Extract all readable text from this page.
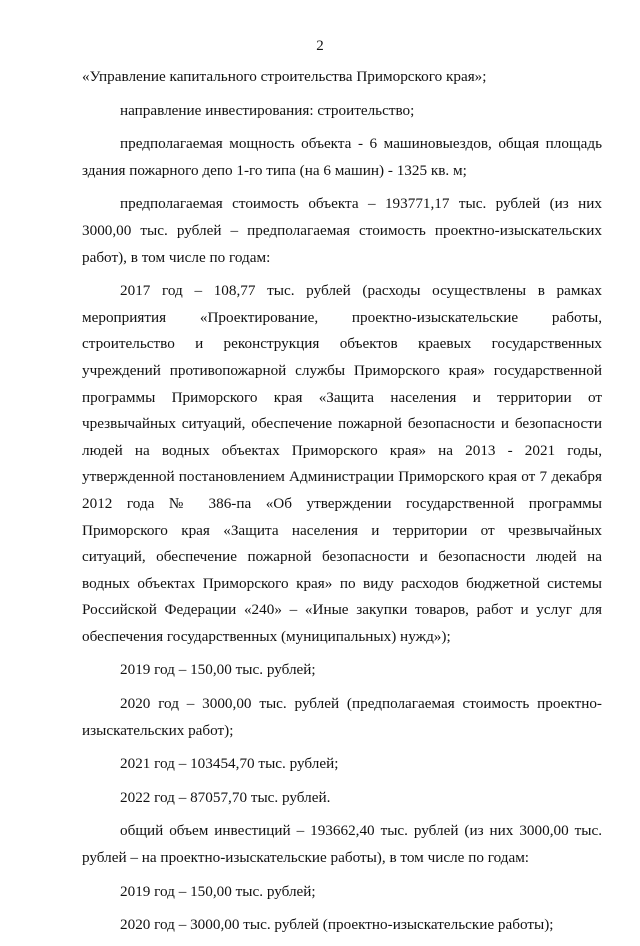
2

«Управление капитального строительства Приморского края»;

направление инвестирования: строительство;

предполагаемая мощность объекта - 6 машиновыездов, общая площадь здания пожарного депо 1-го типа (на 6 машин) - 1325 кв. м;

предполагаемая стоимость объекта – 193771,17 тыс. рублей (из них 3000,00 тыс. рублей – предполагаемая стоимость проектно-изыскательских работ), в том числе по годам:

2017 год – 108,77 тыс. рублей (расходы осуществлены в рамках мероприятия «Проектирование, проектно-изыскательские работы, строительство и реконструкция объектов краевых государственных учреждений противопожарной службы Приморского края» государственной программы Приморского края «Защита населения и территории от чрезвычайных ситуаций, обеспечение пожарной безопасности и безопасности людей на водных объектах Приморского края» на 2013 - 2021 годы, утвержденной постановлением Администрации Приморского края от 7 декабря 2012 года № 386-па «Об утверждении государственной программы Приморского края «Защита населения и территории от чрезвычайных ситуаций, обеспечение пожарной безопасности и безопасности людей на водных объектах Приморского края» по виду расходов бюджетной системы Российской Федерации «240» – «Иные закупки товаров, работ и услуг для обеспечения государственных (муниципальных) нужд»);

2019 год – 150,00 тыс. рублей;

2020 год – 3000,00 тыс. рублей (предполагаемая стоимость проектно-изыскательских работ);

2021 год – 103454,70 тыс. рублей;

2022 год – 87057,70 тыс. рублей.

общий объем инвестиций – 193662,40 тыс. рублей (из них 3000,00 тыс. рублей – на проектно-изыскательские работы), в том числе по годам:

2019 год – 150,00 тыс. рублей;

2020 год – 3000,00 тыс. рублей (проектно-изыскательские работы);
